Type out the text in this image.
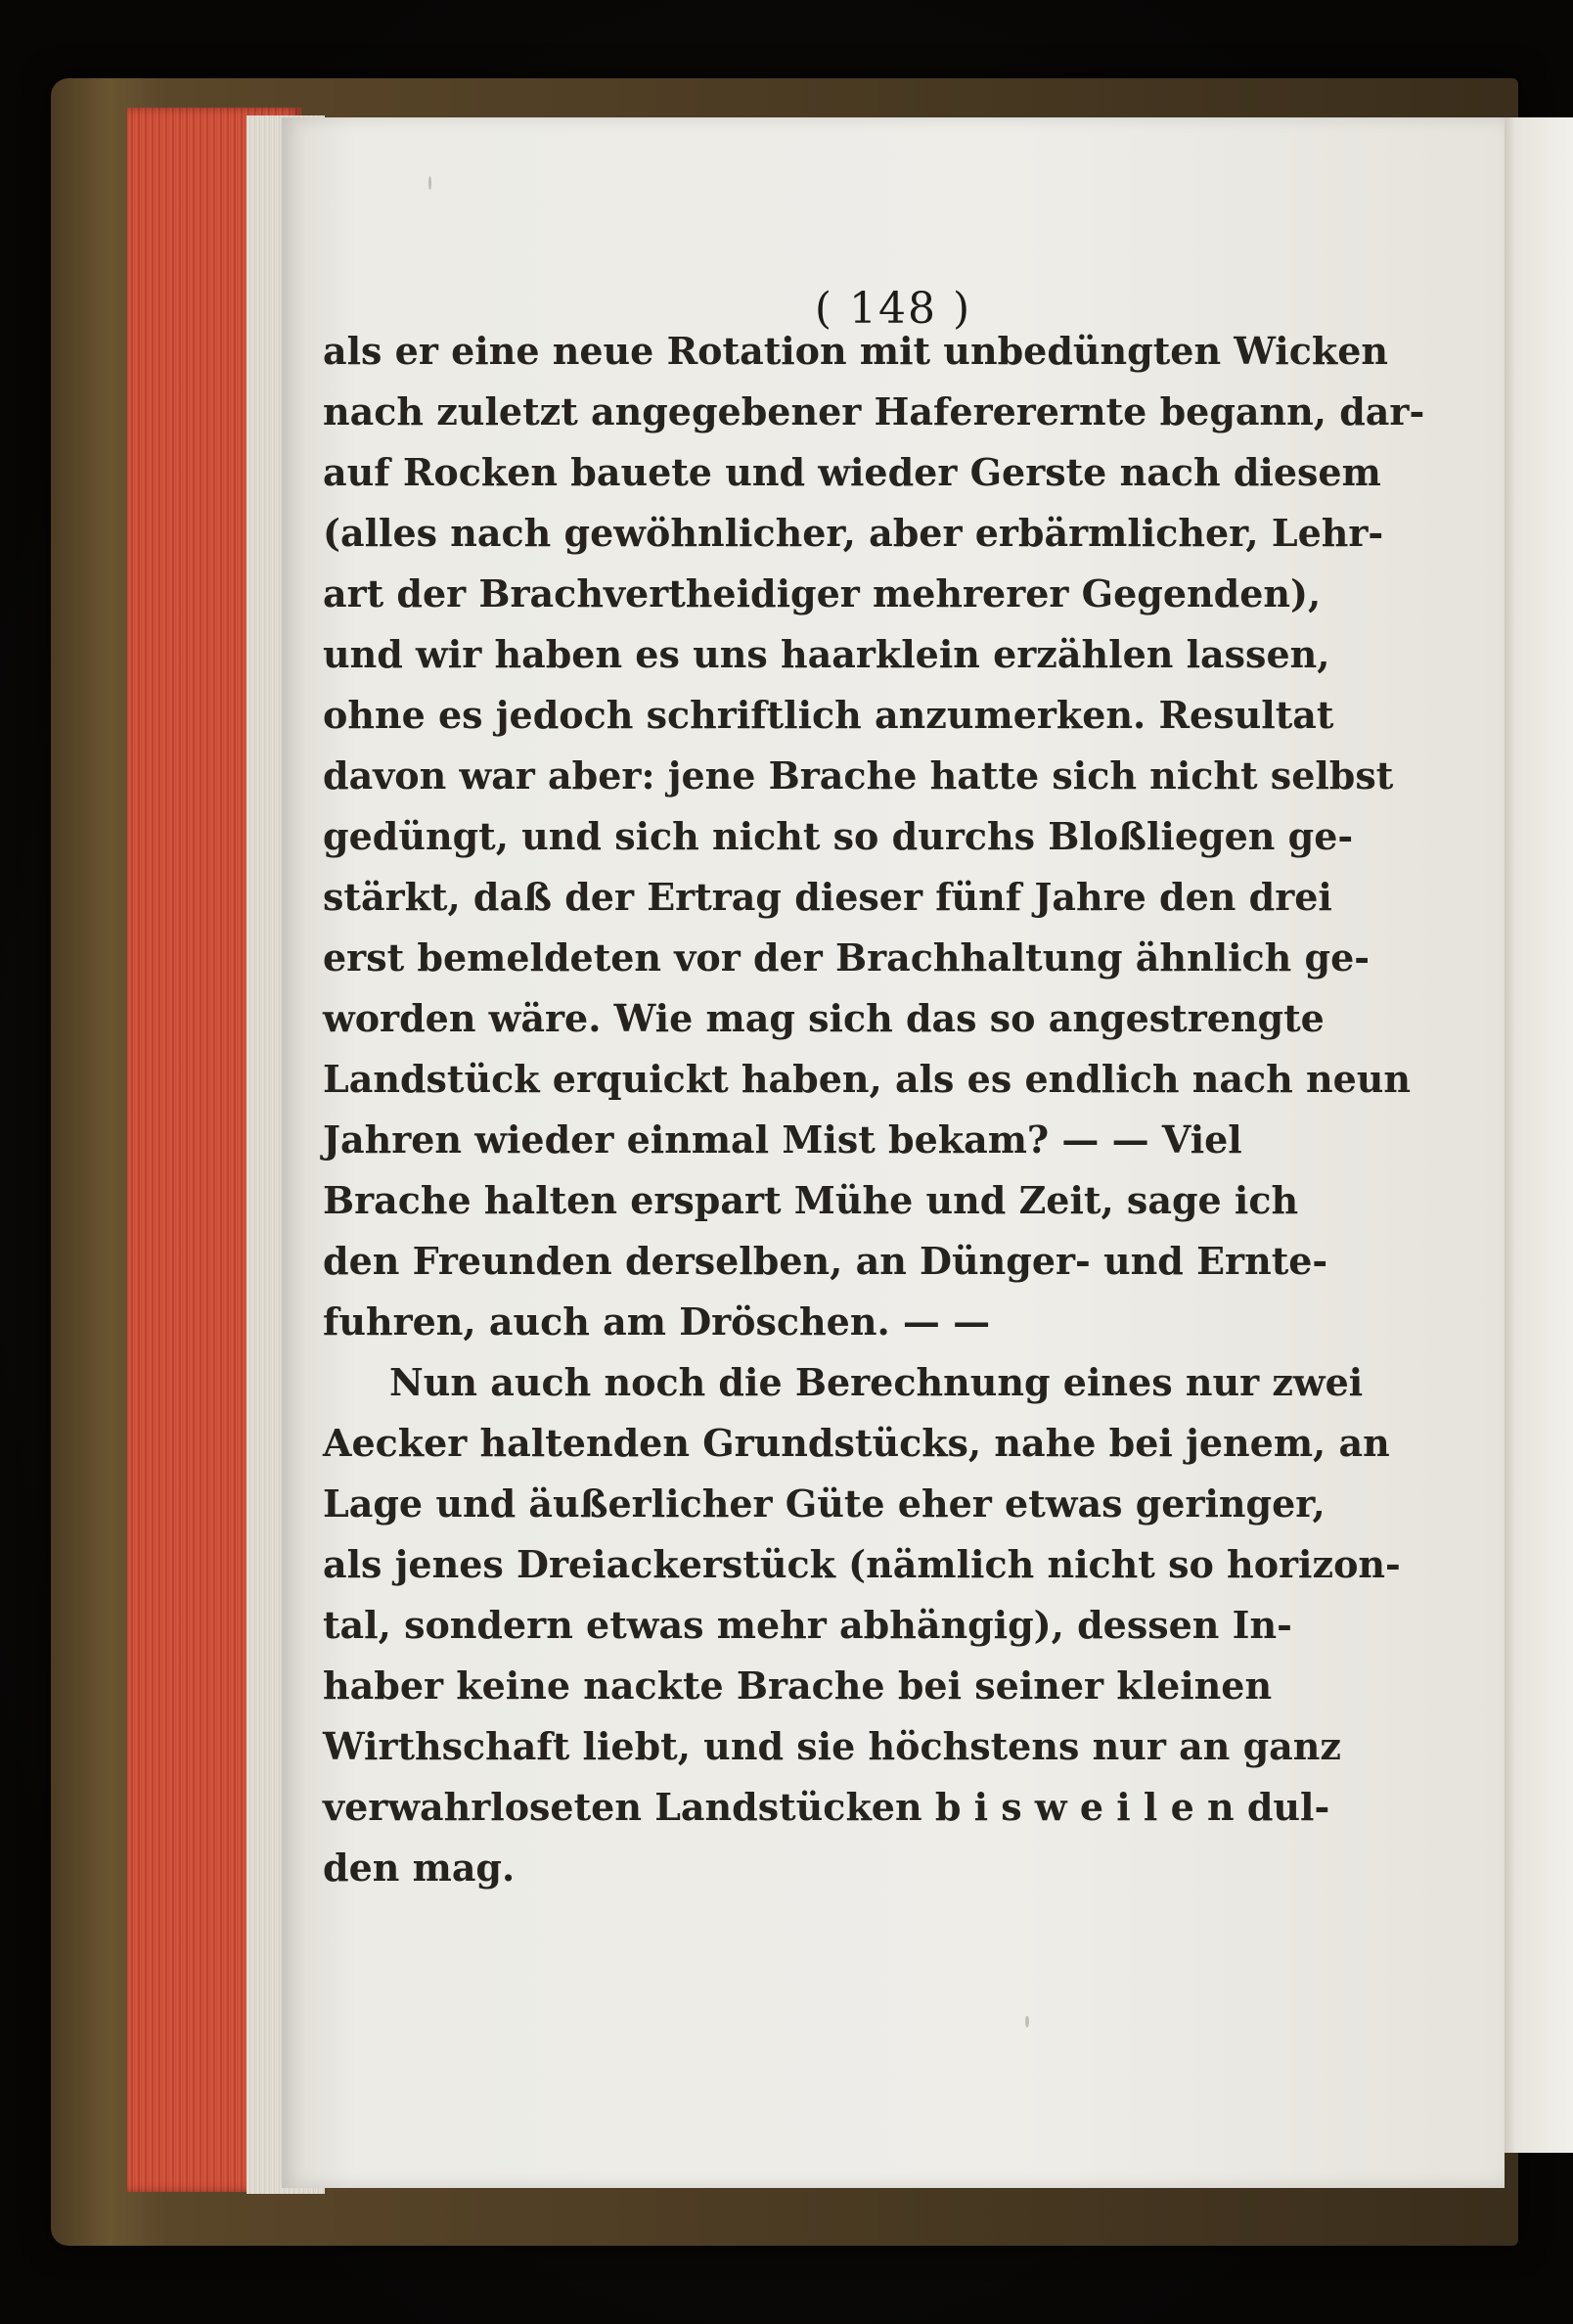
( 148 )
als er eine neue Rotation mit unbedüngten Wicken
nach zuletzt angegebener Hafererernte begann, dar-
auf Rocken bauete und wieder Gerste nach diesem
(alles nach gewöhnlicher, aber erbärmlicher, Lehr-
art der Brachvertheidiger mehrerer Gegenden),
und wir haben es uns haarklein erzählen lassen,
ohne es jedoch schriftlich anzumerken. Resultat
davon war aber: jene Brache hatte sich nicht selbst
gedüngt, und sich nicht so durchs Bloßliegen ge-
stärkt, daß der Ertrag dieser fünf Jahre den drei
erst bemeldeten vor der Brachhaltung ähnlich ge-
worden wäre. Wie mag sich das so angestrengte
Landstück erquickt haben, als es endlich nach neun
Jahren wieder einmal Mist bekam? — — Viel
Brache halten erspart Mühe und Zeit, sage ich
den Freunden derselben, an Dünger- und Ernte-
fuhren, auch am Dröschen. — —
Nun auch noch die Berechnung eines nur zwei
Aecker haltenden Grundstücks, nahe bei jenem, an
Lage und äußerlicher Güte eher etwas geringer,
als jenes Dreiackerstück (nämlich nicht so horizon-
tal, sondern etwas mehr abhängig), dessen In-
haber keine nackte Brache bei seiner kleinen
Wirthschaft liebt, und sie höchstens nur an ganz
verwahrloseten Landstücken b i s w e i l e n dul-
den mag.
